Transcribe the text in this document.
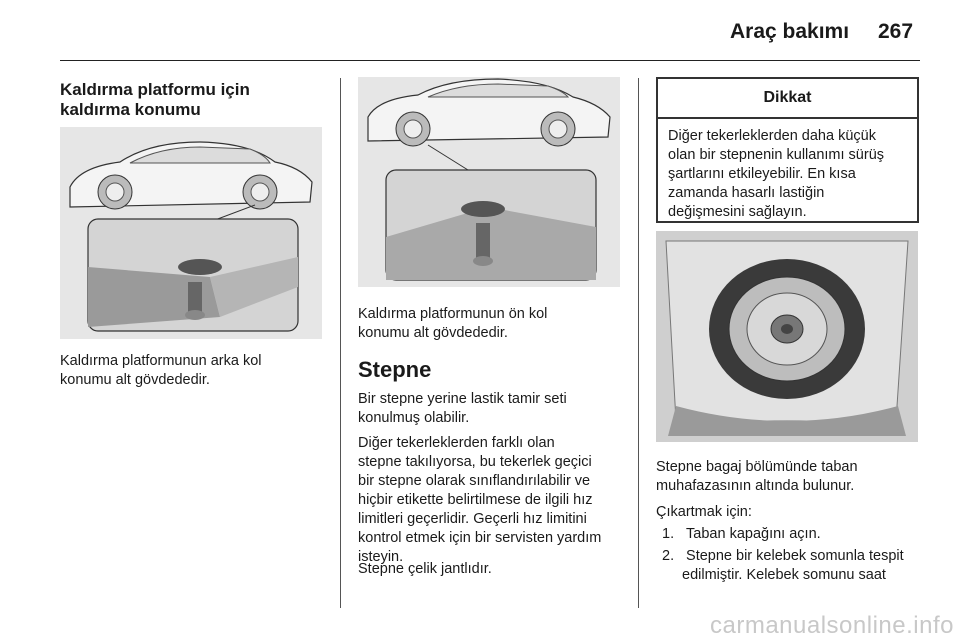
Araç bakımı 267
Kaldırma platformu için
kaldırma konumu
Kaldırma platformunun arka kol
konumu alt gövdededir.
Kaldırma platformunun ön kol
konumu alt gövdededir.
Stepne
Bir stepne yerine lastik tamir seti
konulmuş olabilir.
Diğer tekerleklerden farklı olan
stepne takılıyorsa, bu tekerlek geçici
bir stepne olarak sınıflandırılabilir ve
hiçbir etikette belirtilmese de ilgili hız
limitleri geçerlidir. Geçerli hız limitini
kontrol etmek için bir servisten yardım
isteyin.
Stepne çelik jantlıdır.
Dikkat
Diğer tekerleklerden daha küçük
olan bir stepnenin kullanımı sürüş
şartlarını etkileyebilir. En kısa
zamanda hasarlı lastiğin
değişmesini sağlayın.
Stepne bagaj bölümünde taban
muhafazasının altında bulunur.
Çıkartmak için:
1. Taban kapağını açın.
2. Stepne bir kelebek somunla tespit
edilmiştir. Kelebek somunu saat
carmanualsonline.info
